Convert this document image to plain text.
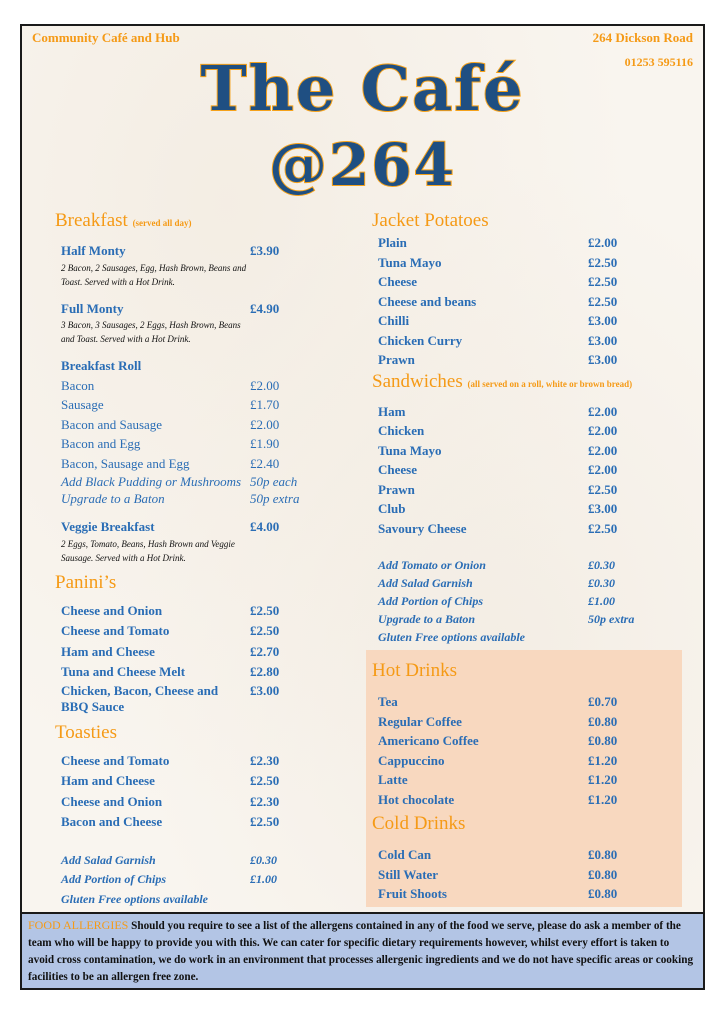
Community Café and Hub	264 Dickson Road
01253 595116
The Café
@264
Breakfast (served all day)
Half Monty	£3.90
2 Bacon, 2 Sausages, Egg, Hash Brown, Beans and Toast. Served with a Hot Drink.
Full Monty	£4.90
3 Bacon, 3 Sausages, 2 Eggs, Hash Brown, Beans and Toast. Served with a Hot Drink.
Breakfast Roll
Bacon	£2.00
Sausage	£1.70
Bacon and Sausage	£2.00
Bacon and Egg	£1.90
Bacon, Sausage and Egg	£2.40
Add Black Pudding or Mushrooms 50p each
Upgrade to a Baton	50p extra
Veggie Breakfast	£4.00
2 Eggs, Tomato, Beans, Hash Brown and Veggie Sausage. Served with a Hot Drink.
Panini’s
Cheese and Onion	£2.50
Cheese and Tomato	£2.50
Ham and Cheese	£2.70
Tuna and Cheese Melt	£2.80
Chicken, Bacon, Cheese and £3.00
BBQ Sauce
Toasties
Cheese and Tomato	£2.30
Ham and Cheese	£2.50
Cheese and Onion	£2.30
Bacon and Cheese	£2.50
Add Salad Garnish	£0.30
Add Portion of Chips	£1.00
Gluten Free options available
Jacket Potatoes
Plain	£2.00
Tuna Mayo	£2.50
Cheese	£2.50
Cheese and beans	£2.50
Chilli	£3.00
Chicken Curry	£3.00
Prawn	£3.00
Sandwiches (all served on a roll, white or brown bread)
Ham	£2.00
Chicken	£2.00
Tuna Mayo	£2.00
Cheese	£2.00
Prawn	£2.50
Club	£3.00
Savoury Cheese	£2.50
Add Tomato or Onion	£0.30
Add Salad Garnish	£0.30
Add Portion of Chips	£1.00
Upgrade to a Baton	50p extra
Gluten Free options available
Hot Drinks
Tea	£0.70
Regular Coffee	£0.80
Americano Coffee	£0.80
Cappuccino	£1.20
Latte	£1.20
Hot chocolate	£1.20
Cold Drinks
Cold Can	£0.80
Still Water	£0.80
Fruit Shoots	£0.80
FOOD ALLERGIES Should you require to see a list of the allergens contained in any of the food we serve, please do ask a member of the team who will be happy to provide you with this. We can cater for specific dietary requirements however, whilst every effort is taken to avoid cross contamination, we do work in an environment that processes allergenic ingredients and we do not have specific areas or cooking facilities to be an allergen free zone.
